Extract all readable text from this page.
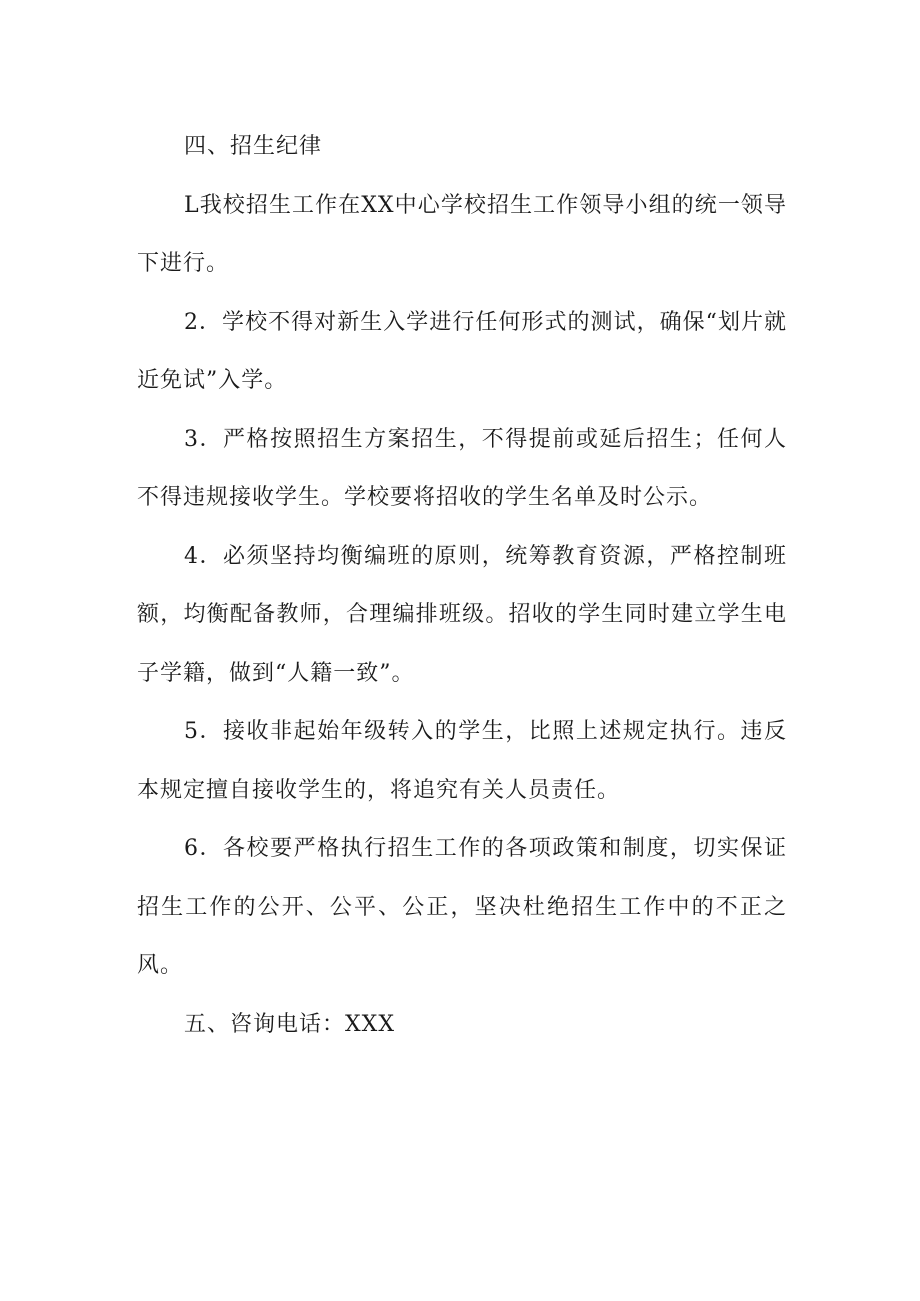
四、招生纪律

L我校招生工作在XX中心学校招生工作领导小组的统一领导下进行。

2．学校不得对新生入学进行任何形式的测试，确保“划片就近免试”入学。

3．严格按照招生方案招生，不得提前或延后招生；任何人不得违规接收学生。学校要将招收的学生名单及时公示。

4．必须坚持均衡编班的原则，统筹教育资源，严格控制班额，均衡配备教师，合理编排班级。招收的学生同时建立学生电子学籍，做到“人籍一致”。

5．接收非起始年级转入的学生，比照上述规定执行。违反本规定擅自接收学生的，将追究有关人员责任。

6．各校要严格执行招生工作的各项政策和制度，切实保证招生工作的公开、公平、公正，坚决杜绝招生工作中的不正之风。

五、咨询电话：XXX
